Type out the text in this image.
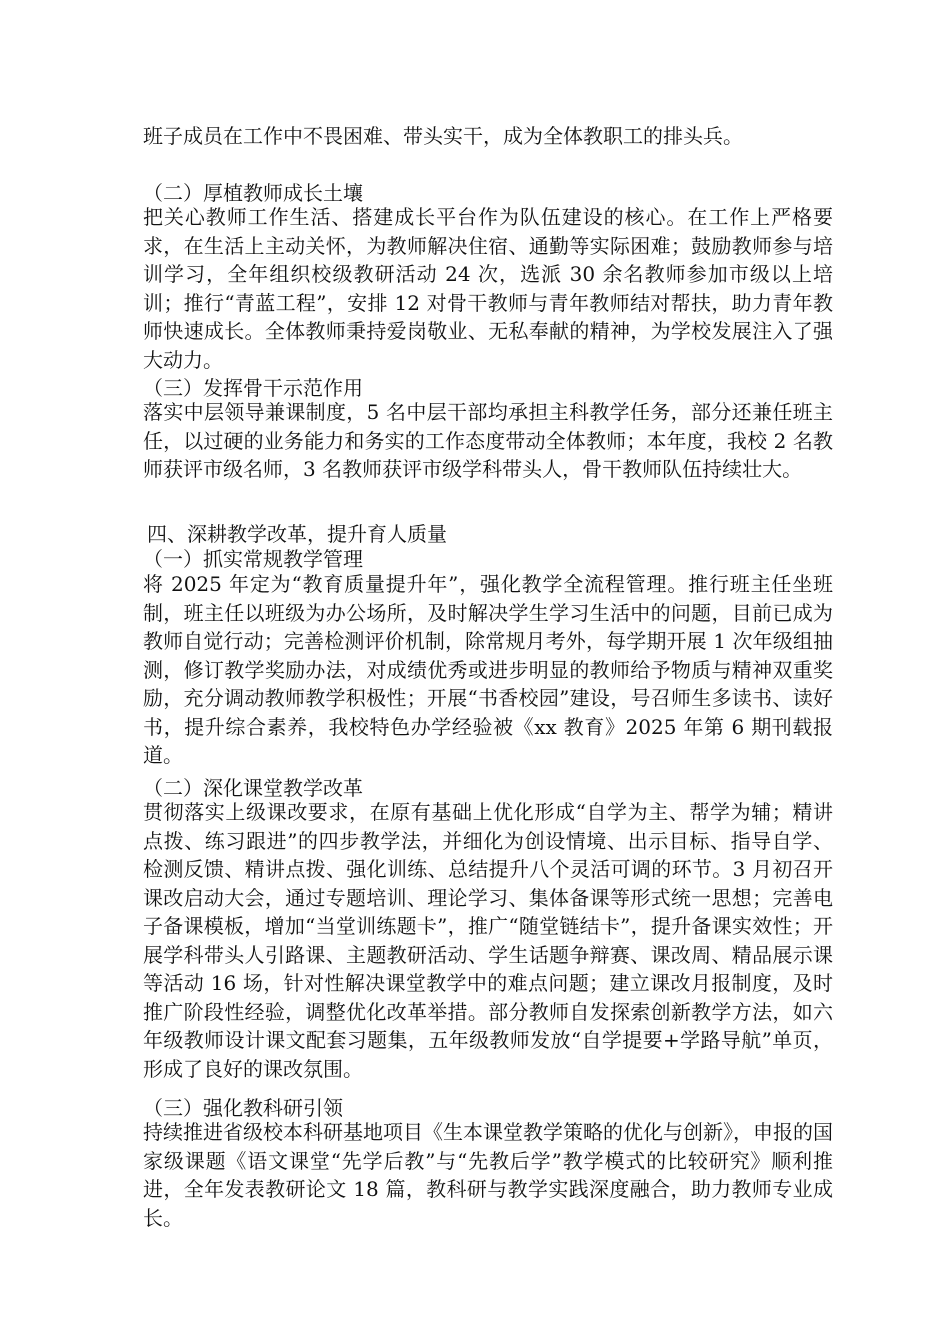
班子成员在工作中不畏困难、带头实干，成为全体教职工的排头兵。

（二）厚植教师成长土壤

把关心教师工作生活、搭建成长平台作为队伍建设的核心。在工作上严格要求，在生活上主动关怀，为教师解决住宿、通勤等实际困难；鼓励教师参与培训学习，全年组织校级教研活动 24 次，选派 30 余名教师参加市级以上培训；推行“青蓝工程”，安排 12 对骨干教师与青年教师结对帮扶，助力青年教师快速成长。全体教师秉持爱岗敬业、无私奉献的精神，为学校发展注入了强大动力。

（三）发挥骨干示范作用

落实中层领导兼课制度，5 名中层干部均承担主科教学任务，部分还兼任班主任，以过硬的业务能力和务实的工作态度带动全体教师；本年度，我校 2 名教师获评市级名师，3 名教师获评市级学科带头人，骨干教师队伍持续壮大。

四、深耕教学改革，提升育人质量

（一）抓实常规教学管理

将 2025 年定为“教育质量提升年”，强化教学全流程管理。推行班主任坐班制，班主任以班级为办公场所，及时解决学生学习生活中的问题，目前已成为教师自觉行动；完善检测评价机制，除常规月考外，每学期开展 1 次年级组抽测，修订教学奖励办法，对成绩优秀或进步明显的教师给予物质与精神双重奖励，充分调动教师教学积极性；开展“书香校园”建设，号召师生多读书、读好书，提升综合素养，我校特色办学经验被《xx 教育》2025 年第 6 期刊载报道。

（二）深化课堂教学改革

贯彻落实上级课改要求，在原有基础上优化形成“自学为主、帮学为辅；精讲点拨、练习跟进”的四步教学法，并细化为创设情境、出示目标、指导自学、检测反馈、精讲点拨、强化训练、总结提升八个灵活可调的环节。3 月初召开课改启动大会，通过专题培训、理论学习、集体备课等形式统一思想；完善电子备课模板，增加“当堂训练题卡”，推广“随堂链结卡”，提升备课实效性；开展学科带头人引路课、主题教研活动、学生话题争辩赛、课改周、精品展示课等活动 16 场，针对性解决课堂教学中的难点问题；建立课改月报制度，及时推广阶段性经验，调整优化改革举措。部分教师自发探索创新教学方法，如六年级教师设计课文配套习题集，五年级教师发放“自学提要+学路导航”单页，形成了良好的课改氛围。

（三）强化教科研引领

持续推进省级校本科研基地项目《生本课堂教学策略的优化与创新》，申报的国家级课题《语文课堂“先学后教”与“先教后学”教学模式的比较研究》顺利推进，全年发表教研论文 18 篇，教科研与教学实践深度融合，助力教师专业成长。
